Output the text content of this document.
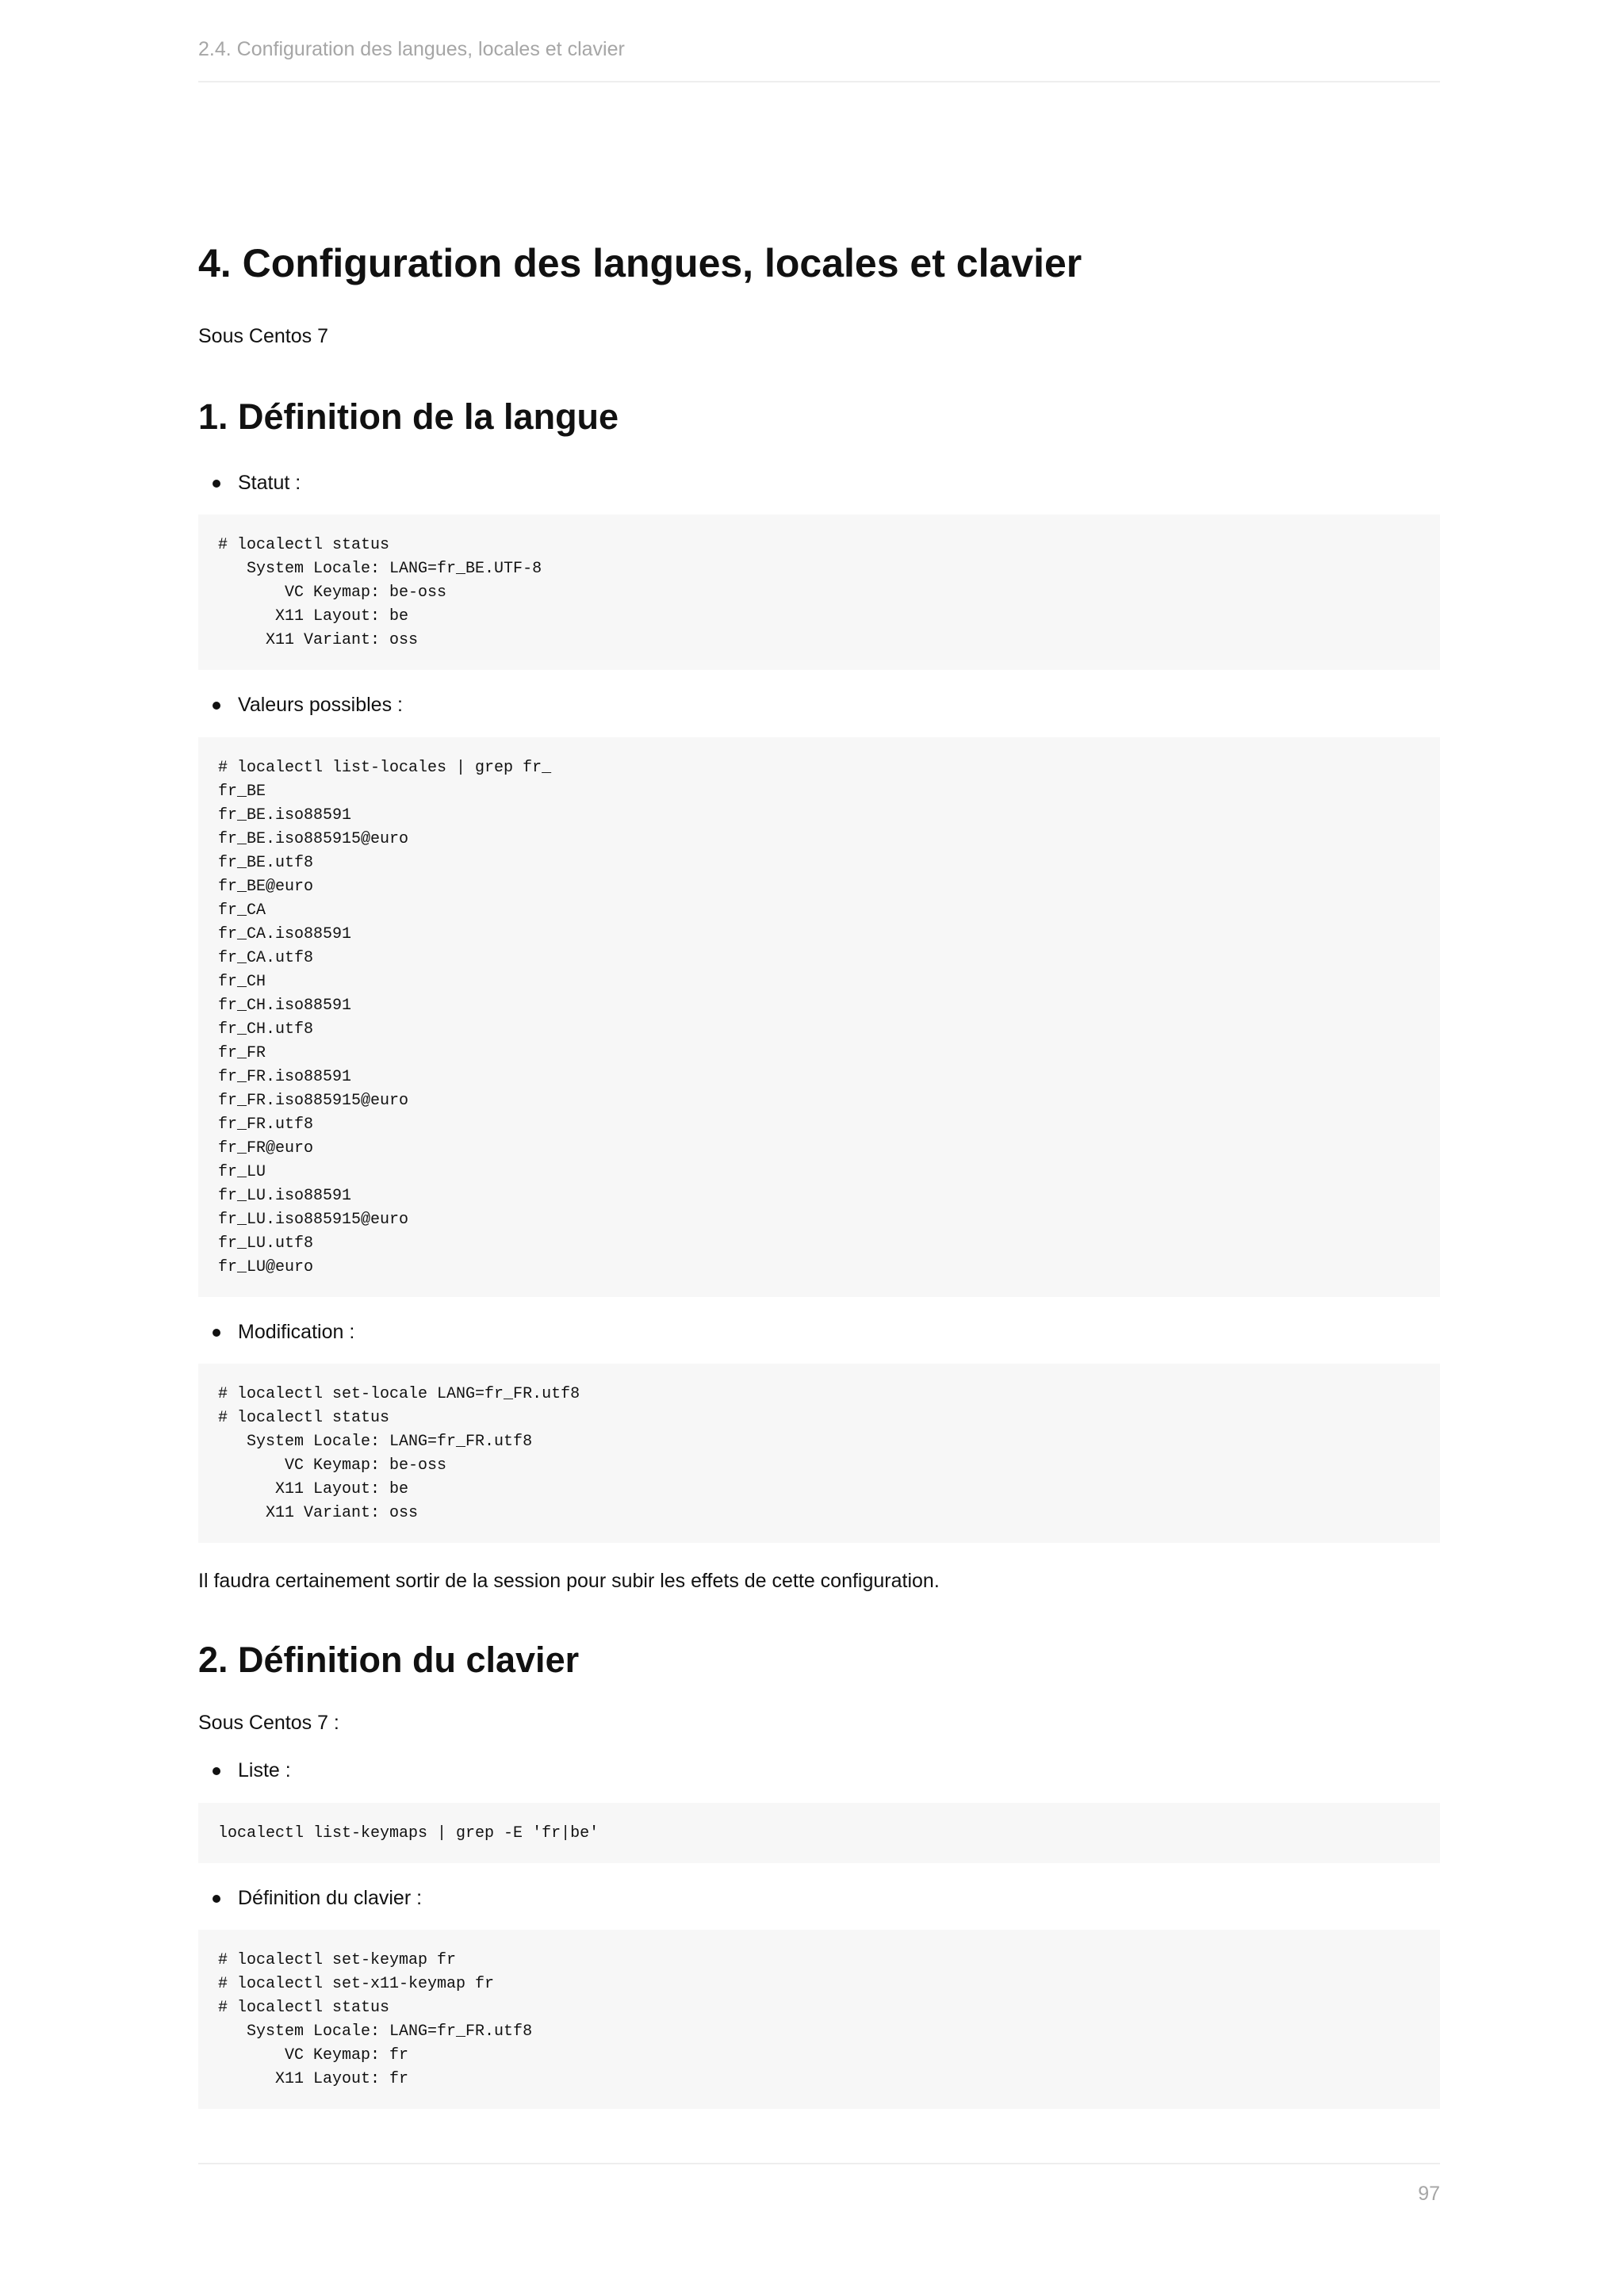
2.4. Configuration des langues, locales et clavier
4. Configuration des langues, locales et clavier

Sous Centos 7

1. Définition de la langue
Statut :
# localectl status
System Locale: LANG=fr_BE.UTF-8
VC Keymap: be-oss
X11 Layout: be
X11 Variant: oss
Valeurs possibles :
# localectl list-locales | grep fr_
fr_BE
fr_BE.iso88591
fr_BE.iso885915@euro
fr_BE.utf8
fr_BE@euro
fr_CA
fr_CA.iso88591
fr_CA.utf8
fr_CH
fr_CH.iso88591
fr_CH.utf8
fr_FR
fr_FR.iso88591
fr_FR.iso885915@euro
fr_FR.utf8
fr_FR@euro
fr_LU
fr_LU.iso88591
fr_LU.iso885915@euro
fr_LU.utf8
fr_LU@euro
Modification :
# localectl set-locale LANG=fr_FR.utf8
# localectl status
System Locale: LANG=fr_FR.utf8
VC Keymap: be-oss
X11 Layout: be
X11 Variant: oss

Il faudra certainement sortir de la session pour subir les effets de cette configuration.

2. Définition du clavier

Sous Centos 7 :

Liste :
localectl list-keymaps | grep -E 'fr|be'
Définition du clavier :
# localectl set-keymap fr
# localectl set-x11-keymap fr
# localectl status
System Locale: LANG=fr_FR.utf8
VC Keymap: fr
X11 Layout: fr
97
